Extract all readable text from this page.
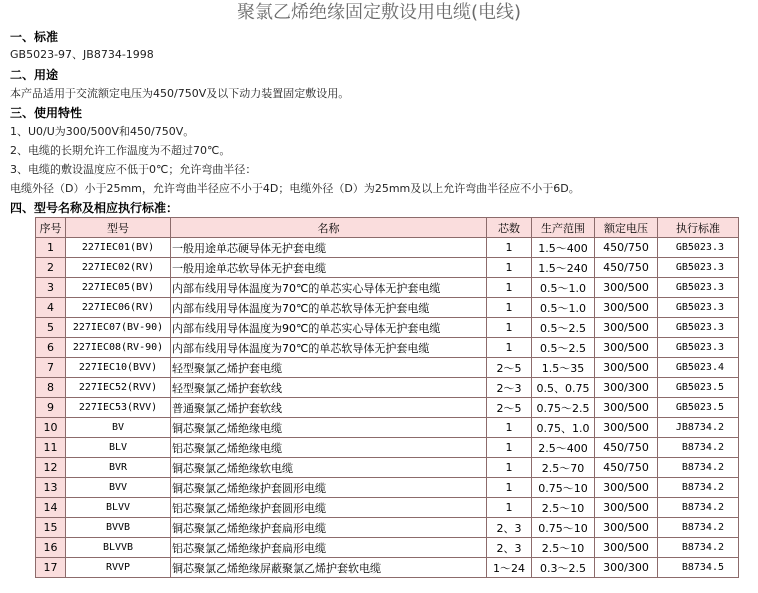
聚氯乙烯绝缘固定敷设用电缆(电线)
一、标准
GB5023-97、JB8734-1998
二、用途
本产品适用于交流额定电压为450/750V及以下动力装置固定敷设用。
三、使用特性
1、U0/U为300/500V和450/750V。
2、电缆的长期允许工作温度为不超过70℃。
3、电缆的敷设温度应不低于0℃；允许弯曲半径：
电缆外径（D）小于25mm，允许弯曲半径应不小于4D；电缆外径（D）为25mm及以上允许弯曲半径应不小于6D。
四、型号名称及相应执行标准：
序号	型号	名称	芯数	生产范围	额定电压	执行标准
1	227IEC01(BV)	一般用途单芯硬导体无护套电缆	1	1.5～400	450/750	GB5023.3
2	227IEC02(RV)	一般用途单芯软导体无护套电缆	1	1.5～240	450/750	GB5023.3
3	227IEC05(BV)	内部布线用导体温度为70℃的单芯实心导体无护套电缆	1	0.5～1.0	300/500	GB5023.3
4	227IEC06(RV)	内部布线用导体温度为70℃的单芯软导体无护套电缆	1	0.5～1.0	300/500	GB5023.3
5	227IEC07(BV-90)	内部布线用导体温度为90℃的单芯实心导体无护套电缆	1	0.5～2.5	300/500	GB5023.3
6	227IEC08(RV-90)	内部布线用导体温度为70℃的单芯软导体无护套电缆	1	0.5～2.5	300/500	GB5023.3
7	227IEC10(BVV)	轻型聚氯乙烯护套电缆	2～5	1.5～35	300/500	GB5023.4
8	227IEC52(RVV)	轻型聚氯乙烯护套软线	2～3	0.5、0.75	300/300	GB5023.5
9	227IEC53(RVV)	普通聚氯乙烯护套软线	2～5	0.75～2.5	300/500	GB5023.5
10	BV	铜芯聚氯乙烯绝缘电缆	1	0.75、1.0	300/500	JB8734.2
11	BLV	铝芯聚氯乙烯绝缘电缆	1	2.5～400	450/750	B8734.2
12	BVR	铜芯聚氯乙烯绝缘软电缆	1	2.5～70	450/750	B8734.2
13	BVV	铜芯聚氯乙烯绝缘护套圆形电缆	1	0.75～10	300/500	B8734.2
14	BLVV	铝芯聚氯乙烯绝缘护套圆形电缆	1	2.5～10	300/500	B8734.2
15	BVVB	铜芯聚氯乙烯绝缘护套扁形电缆	2、3	0.75～10	300/500	B8734.2
16	BLVVB	铝芯聚氯乙烯绝缘护套扁形电缆	2、3	2.5～10	300/500	B8734.2
17	RVVP	铜芯聚氯乙烯绝缘屏蔽聚氯乙烯护套软电缆	1～24	0.3～2.5	300/300	B8734.5
